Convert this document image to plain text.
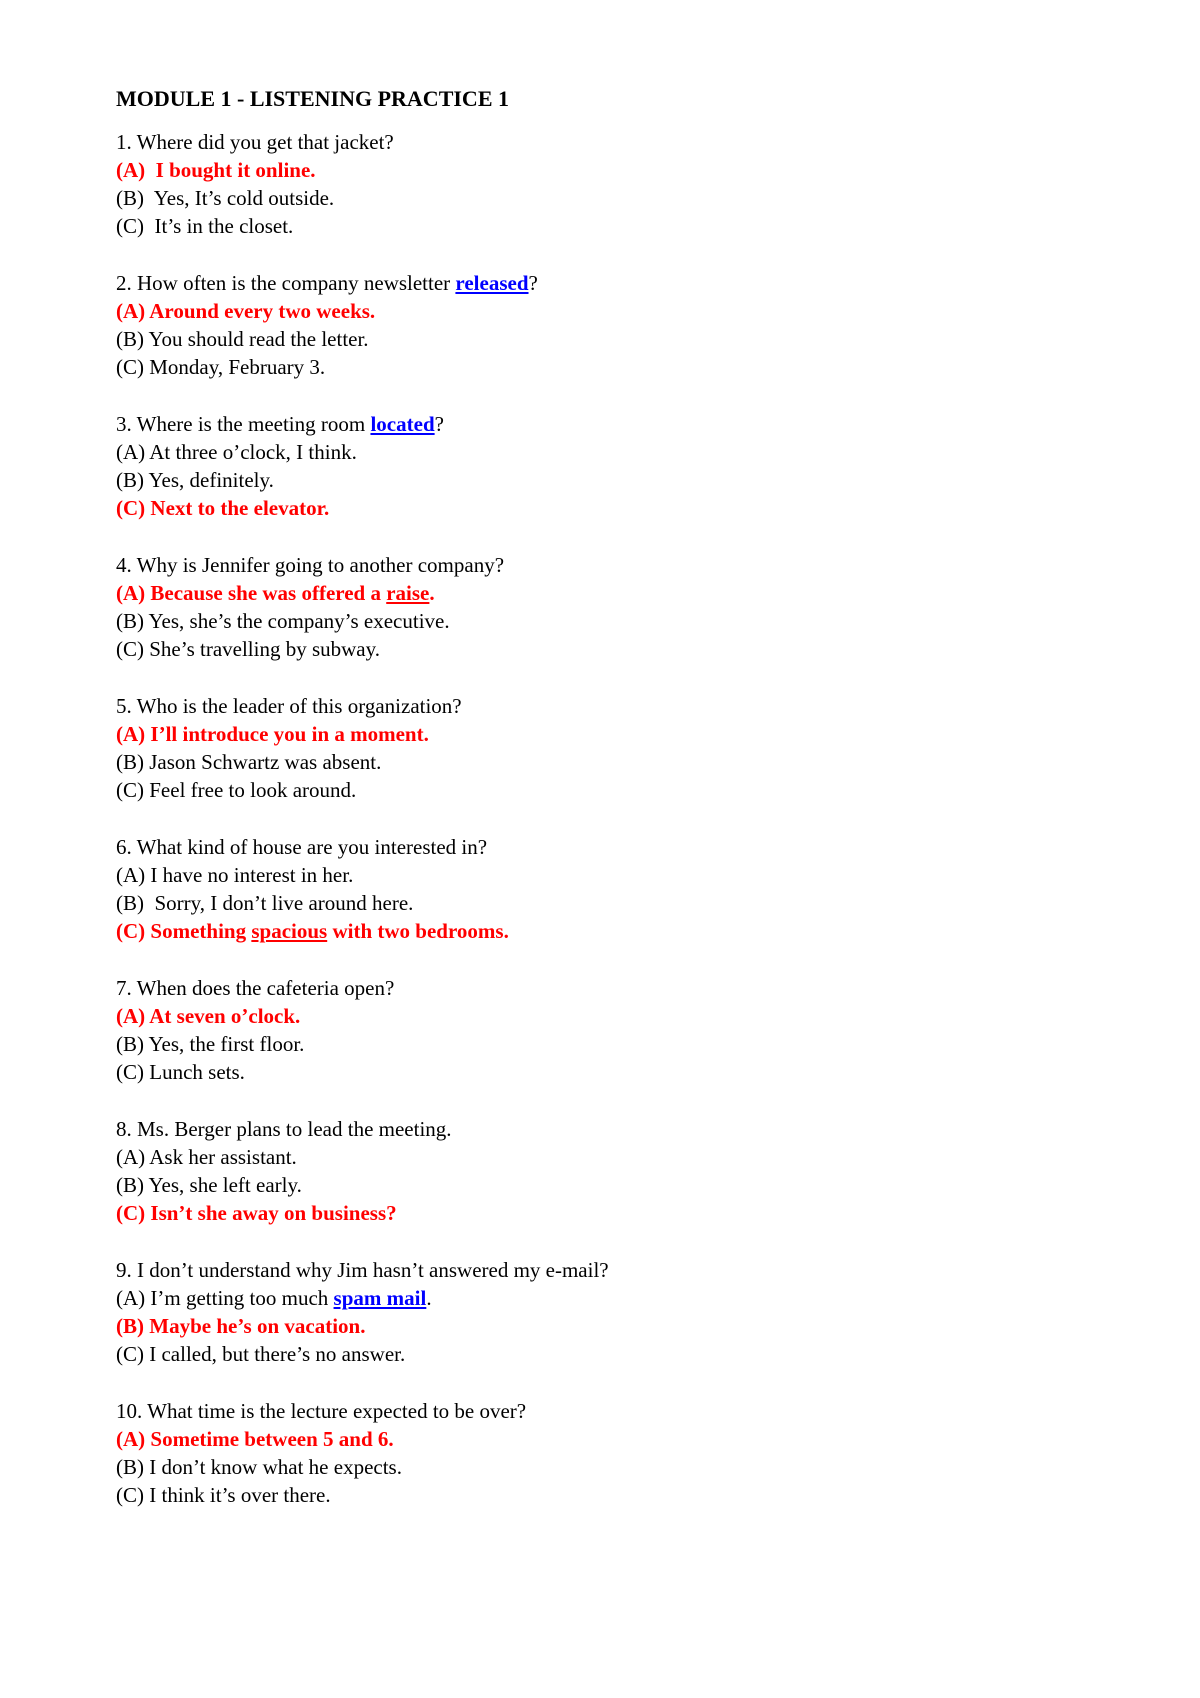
MODULE 1 - LISTENING PRACTICE 1
1. Where did you get that jacket?
(A)  I bought it online.
(B)  Yes, It’s cold outside.
(C)  It’s in the closet.
2. How often is the company newsletter released?
(A) Around every two weeks.
(B) You should read the letter.
(C) Monday, February 3.
3. Where is the meeting room located?
(A) At three o’clock, I think.
(B) Yes, definitely.
(C) Next to the elevator.
4. Why is Jennifer going to another company?
(A) Because she was offered a raise.
(B) Yes, she’s the company’s executive.
(C) She’s travelling by subway.
5. Who is the leader of this organization?
(A) I’ll introduce you in a moment.
(B) Jason Schwartz was absent.
(C) Feel free to look around.
6. What kind of house are you interested in?
(A) I have no interest in her.
(B)  Sorry, I don’t live around here.
(C) Something spacious with two bedrooms.
7. When does the cafeteria open?
(A) At seven o’clock.
(B) Yes, the first floor.
(C) Lunch sets.
8. Ms. Berger plans to lead the meeting.
(A) Ask her assistant.
(B) Yes, she left early.
(C) Isn’t she away on business?
9. I don’t understand why Jim hasn’t answered my e-mail?
(A) I’m getting too much spam mail.
(B) Maybe he’s on vacation.
(C) I called, but there’s no answer.
10. What time is the lecture expected to be over?
(A) Sometime between 5 and 6.
(B) I don’t know what he expects.
(C) I think it’s over there.
